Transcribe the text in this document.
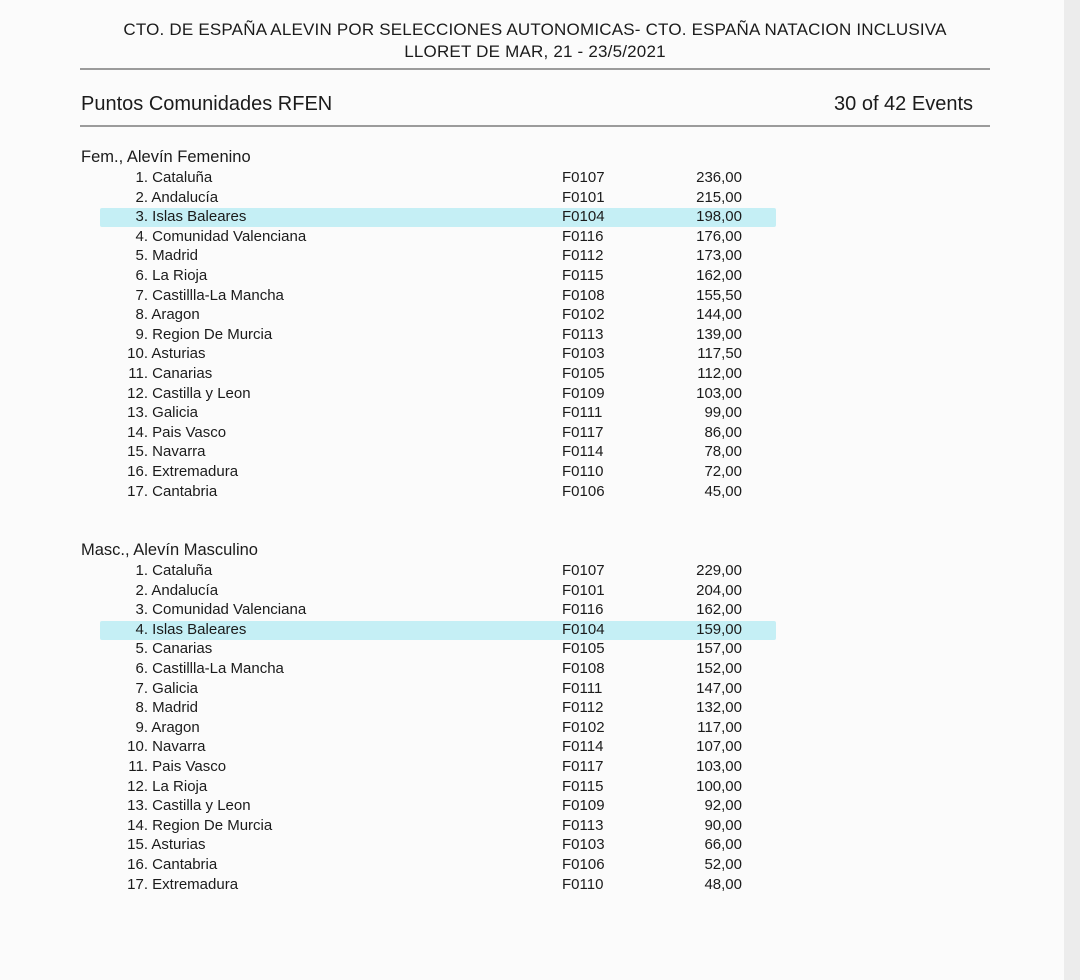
CTO. DE ESPAÑA ALEVIN POR SELECCIONES AUTONOMICAS- CTO. ESPAÑA NATACION INCLUSIVA
LLORET DE MAR, 21 - 23/5/2021
Puntos Comunidades RFEN	30 of 42 Events
Fem., Alevín Femenino
1. Cataluña	F0107	236,00
2. Andalucía	F0101	215,00
3. Islas Baleares	F0104	198,00
4. Comunidad Valenciana	F0116	176,00
5. Madrid	F0112	173,00
6. La Rioja	F0115	162,00
7. Castillla-La Mancha	F0108	155,50
8. Aragon	F0102	144,00
9. Region De Murcia	F0113	139,00
10. Asturias	F0103	117,50
11. Canarias	F0105	112,00
12. Castilla y Leon	F0109	103,00
13. Galicia	F0111	99,00
14. Pais Vasco	F0117	86,00
15. Navarra	F0114	78,00
16. Extremadura	F0110	72,00
17. Cantabria	F0106	45,00
Masc., Alevín Masculino
1. Cataluña	F0107	229,00
2. Andalucía	F0101	204,00
3. Comunidad Valenciana	F0116	162,00
4. Islas Baleares	F0104	159,00
5. Canarias	F0105	157,00
6. Castillla-La Mancha	F0108	152,00
7. Galicia	F0111	147,00
8. Madrid	F0112	132,00
9. Aragon	F0102	117,00
10. Navarra	F0114	107,00
11. Pais Vasco	F0117	103,00
12. La Rioja	F0115	100,00
13. Castilla y Leon	F0109	92,00
14. Region De Murcia	F0113	90,00
15. Asturias	F0103	66,00
16. Cantabria	F0106	52,00
17. Extremadura	F0110	48,00
